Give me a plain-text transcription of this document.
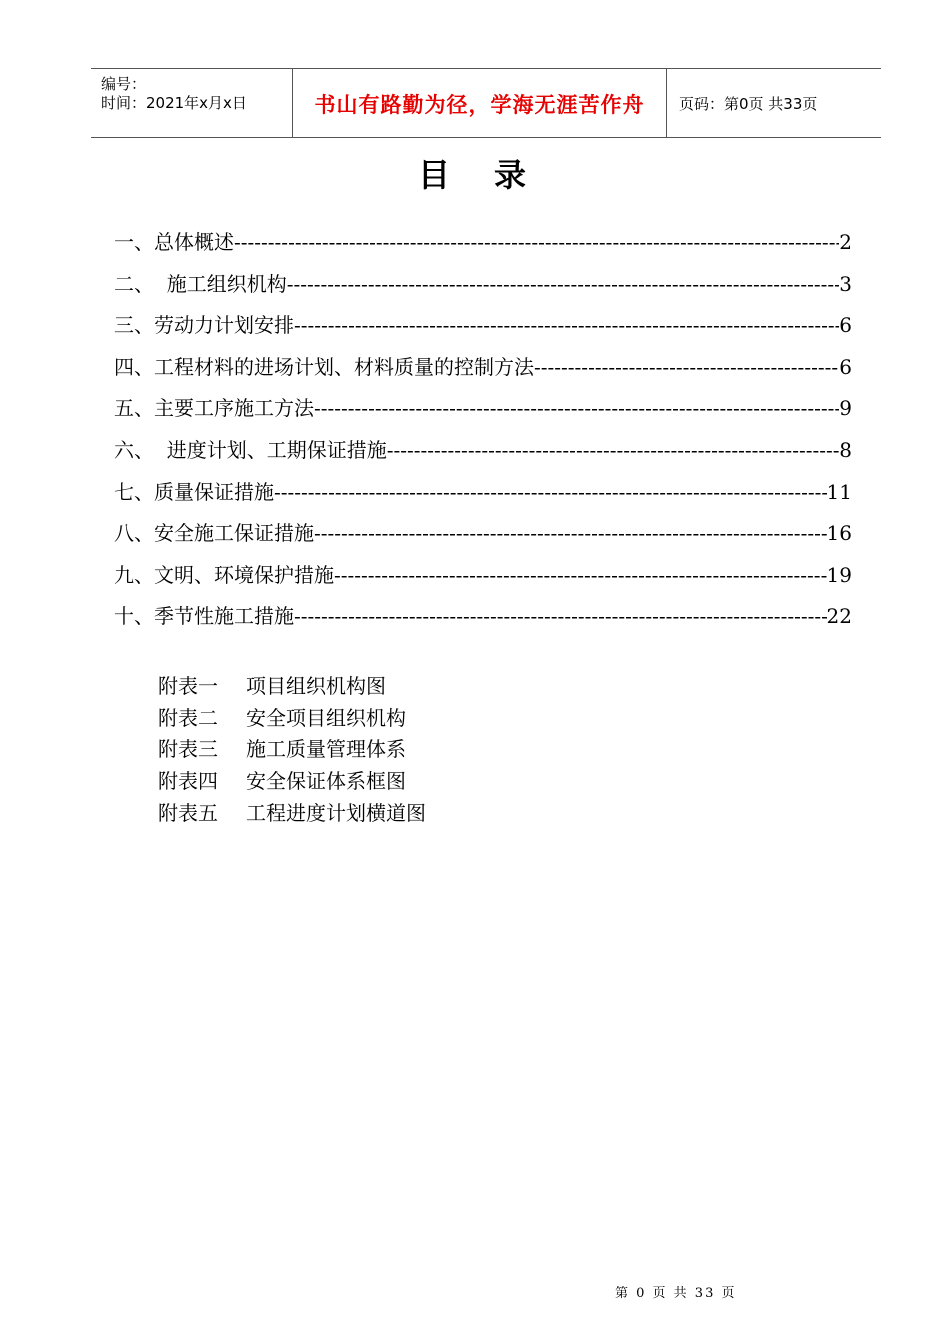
编号：
时间：2021年x月x日	书山有路勤为径，学海无涯苦作舟	页码：第0页 共33页
目　录
一、总体概述 -----	2
二、  施工组织机构 -----	3
三、劳动力计划安排 -----	6
四、工程材料的进场计划、材料质量的控制方法 -----	6
五、主要工序施工方法 -----	9
六、  进度计划、工期保证措施 -----	8
七、质量保证措施 -----	11
八、安全施工保证措施 -----	16
九、文明、环境保护措施 -----	19
十、季节性施工措施 -----	22
附表一	项目组织机构图
附表二	安全项目组织机构
附表三	施工质量管理体系
附表四	安全保证体系框图
附表五	工程进度计划横道图
第 0 页 共 33 页
